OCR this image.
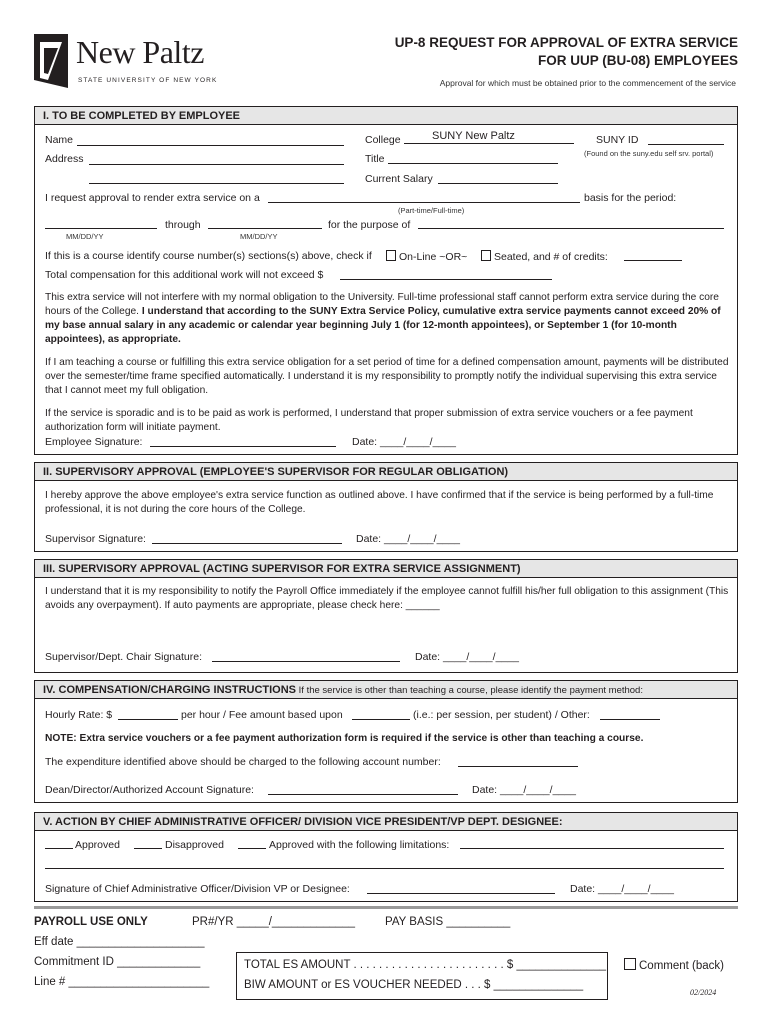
New Paltz
STATE UNIVERSITY OF NEW YORK
UP-8 REQUEST FOR APPROVAL OF EXTRA SERVICE
FOR UUP (BU-08) EMPLOYEES
Approval for which must be obtained prior to the commencement of the service
I. TO BE COMPLETED BY EMPLOYEE
Name	College	SUNY New Paltz	SUNY ID
(Found on the suny.edu self srv. portal)
Address	Title
Current Salary
I request approval to render extra service on a	basis for the period:
(Part-time/Full-time)
MM/DD/YY
through
MM/DD/YY
for the purpose of
If this is a course identify course number(s) sections(s) above, check if	On-Line ~OR~	Seated, and # of credits:
Total compensation for this additional work will not exceed $
This extra service will not interfere with my normal obligation to the University. Full-time professional staff cannot perform extra service during the core hours of the College. I understand that according to the SUNY Extra Service Policy, cumulative extra service payments cannot exceed 20% of my base annual salary in any academic or calendar year beginning July 1 (for 12-month appointees), or September 1 (for 10-month appointees), as appropriate.
If I am teaching a course or fulfilling this extra service obligation for a set period of time for a defined compensation amount, payments will be distributed over the semester/time frame specified automatically. I understand it is my responsibility to promptly notify the individual supervising this extra service that I cannot meet my full obligation.
If the service is sporadic and is to be paid as work is performed, I understand that proper submission of extra service vouchers or a fee payment authorization form will initiate payment.
Employee Signature:	Date: ____/____/____
II. SUPERVISORY APPROVAL (EMPLOYEE'S SUPERVISOR FOR REGULAR OBLIGATION)
I hereby approve the above employee's extra service function as outlined above. I have confirmed that if the service is being performed by a full-time professional, it is not during the core hours of the College.
Supervisor Signature:	Date: ____/____/____
III. SUPERVISORY APPROVAL (ACTING SUPERVISOR FOR EXTRA SERVICE ASSIGNMENT)
I understand that it is my responsibility to notify the Payroll Office immediately if the employee cannot fulfill his/her full obligation to this assignment (This avoids any overpayment). If auto payments are appropriate, please check here: ______
Supervisor/Dept. Chair Signature:	Date: ____/____/____
IV. COMPENSATION/CHARGING INSTRUCTIONS If the service is other than teaching a course, please identify the payment method:
Hourly Rate: $	per hour / Fee amount based upon	(i.e.: per session, per student) / Other:
NOTE: Extra service vouchers or a fee payment authorization form is required if the service is other than teaching a course.
The expenditure identified above should be charged to the following account number:
Dean/Director/Authorized Account Signature:	Date: ____/____/____
V. ACTION BY CHIEF ADMINISTRATIVE OFFICER/ DIVISION VICE PRESIDENT/VP DEPT. DESIGNEE:
Approved	Disapproved	Approved with the following limitations:
Signature of Chief Administrative Officer/Division VP or Designee:	Date: ____/____/____
PAYROLL USE ONLY	PR#/YR _____/_____________	PAY BASIS __________
Eff date ____________________
Commitment ID _____________
Line # ______________________
TOTAL ES AMOUNT . . . . . . . . . . . . . . . . . . . . . . . . $ ______________
BIW AMOUNT or ES VOUCHER NEEDED . . . $ ______________
Comment (back)
02/2024
